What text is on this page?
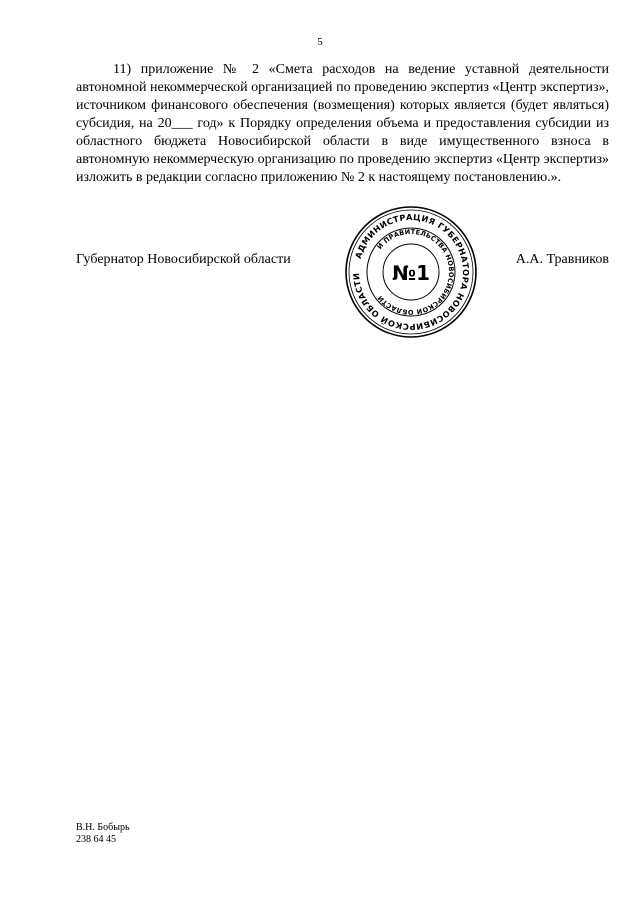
5

11) приложение № 2 «Смета расходов на ведение уставной деятельности автономной некоммерческой организацией по проведению экспертиз «Центр экспертиз», источником финансового обеспечения (возмещения) которых является (будет являться) субсидия, на 20___ год» к Порядку определения объема и предоставления субсидии из областного бюджета Новосибирской области в виде имущественного взноса в автономную некоммерческую организацию по проведению экспертиз «Центр экспертиз» изложить в редакции согласно приложению № 2 к настоящему постановлению.».

Губернатор Новосибирской области	А.А. Травников
АДМИНИСТРАЦИЯ ГУБЕРНАТОРА НОВОСИБИРСКОЙ ОБЛАСТИ
И ПРАВИТЕЛЬСТВА НОВОСИБИРСКОЙ ОБЛАСТИ
№1
В.Н. Бобырь
238 64 45
